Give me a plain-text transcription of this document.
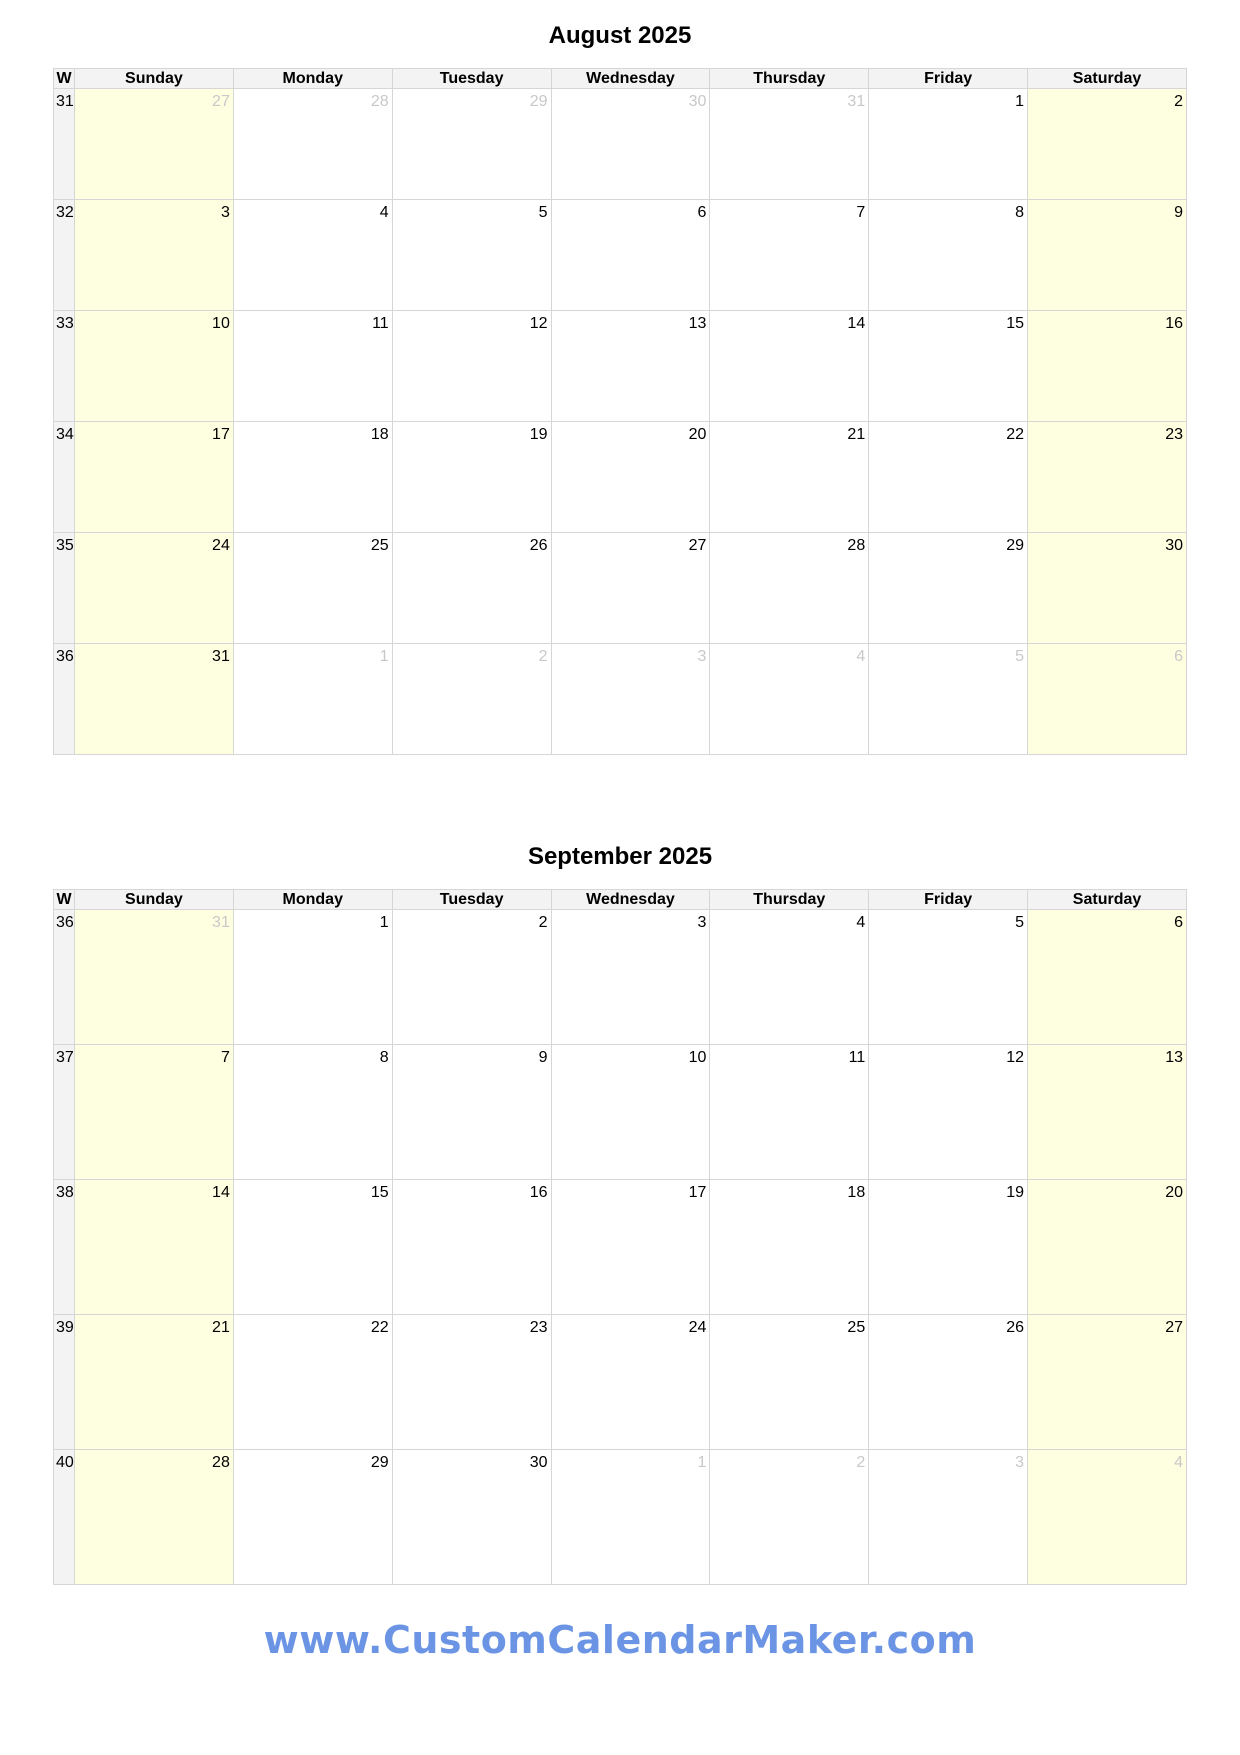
August 2025
W	Sunday	Monday	Tuesday	Wednesday	Thursday	Friday	Saturday

31	27	28	29	30	31	1	2

32	3	4	5	6	7	8	9

33	10	11	12	13	14	15	16

34	17	18	19	20	21	22	23

35	24	25	26	27	28	29	30

36	31	1	2	3	4	5	6
September 2025
W	Sunday	Monday	Tuesday	Wednesday	Thursday	Friday	Saturday

36	31	1	2	3	4	5	6

37	7	8	9	10	11	12	13

38	14	15	16	17	18	19	20

39	21	22	23	24	25	26	27

40	28	29	30	1	2	3	4
www.CustomCalendarMaker.com
